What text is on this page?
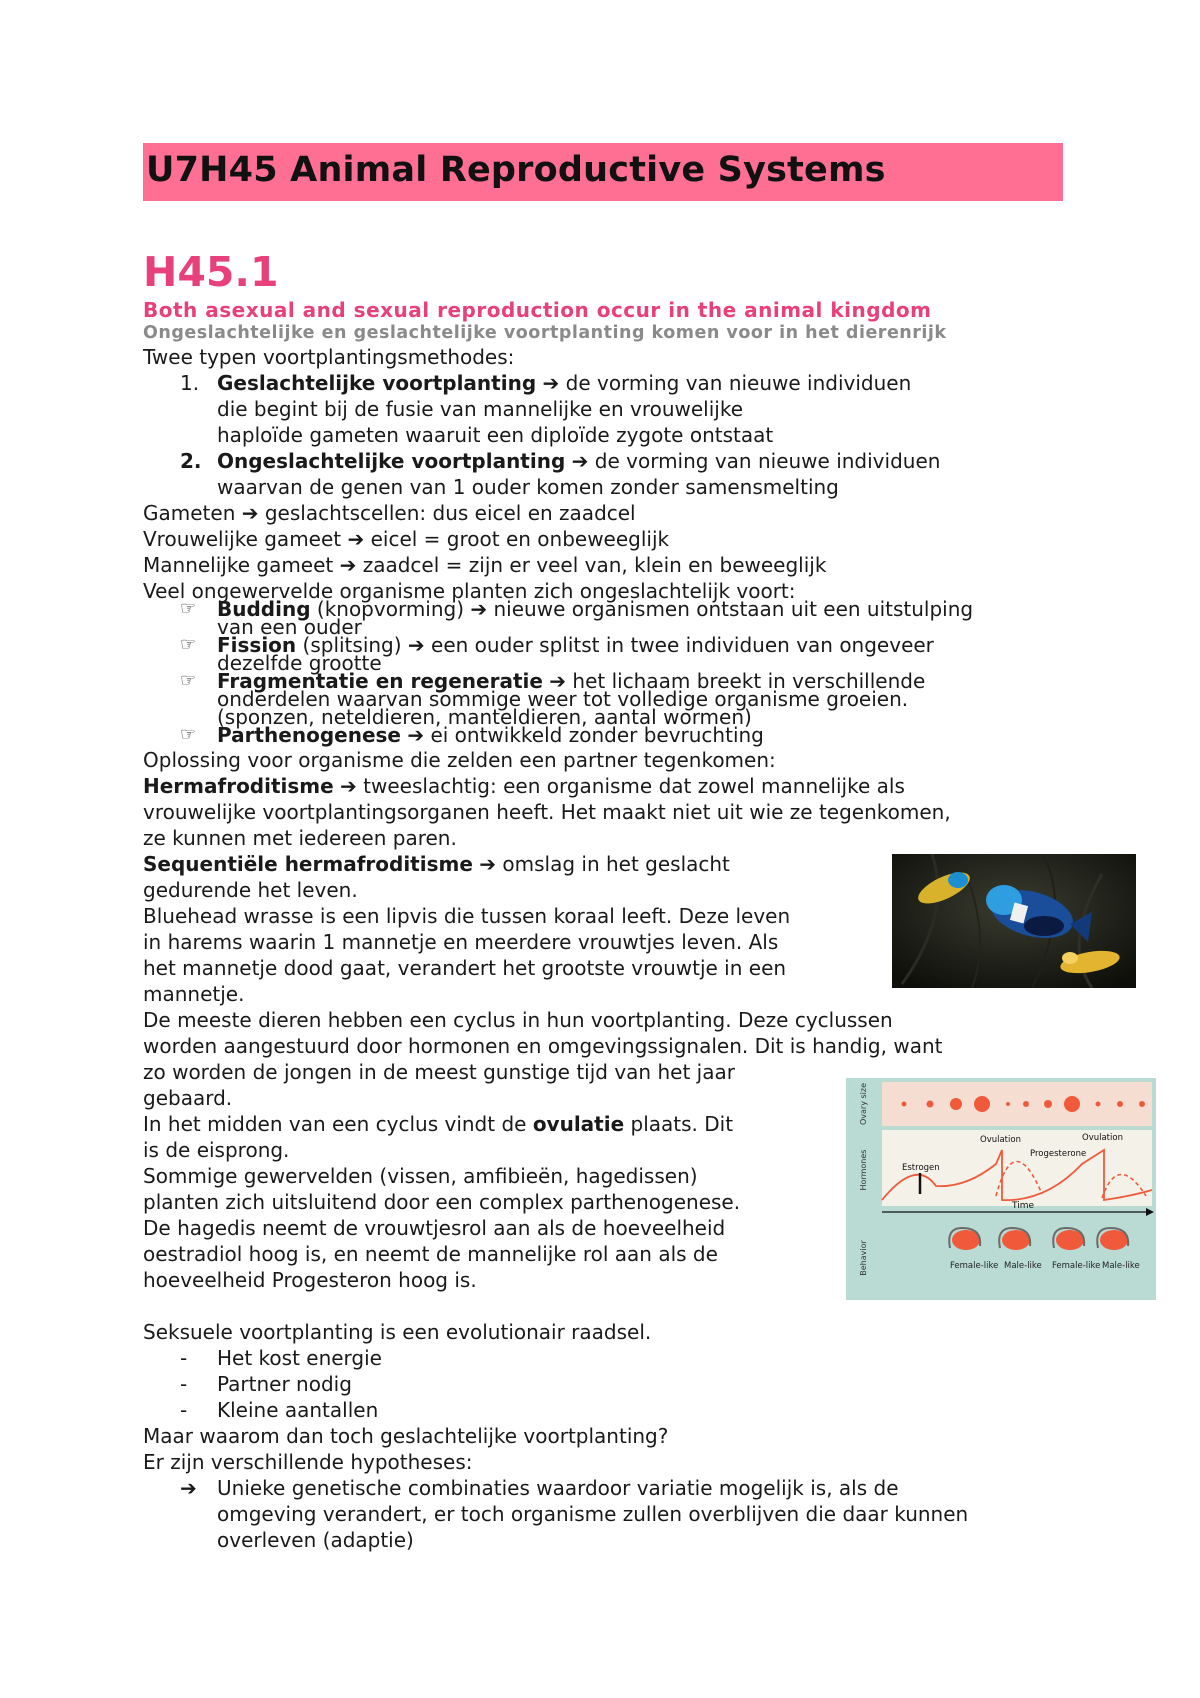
U7H45 Animal Reproductive Systems
H45.1
Both asexual and sexual reproduction occur in the animal kingdom
Ongeslachtelijke en geslachtelijke voortplanting komen voor in het dierenrijk
Twee typen voortplantingsmethodes:
1. Geslachtelijke voortplanting ➔ de vorming van nieuwe individuen
die begint bij de fusie van mannelijke en vrouwelijke
haploïde gameten waaruit een diploïde zygote ontstaat
2. Ongeslachtelijke voortplanting ➔ de vorming van nieuwe individuen
waarvan de genen van 1 ouder komen zonder samensmelting
Gameten ➔ geslachtscellen: dus eicel en zaadcel
Vrouwelijke gameet ➔ eicel = groot en onbeweeglijk
Mannelijke gameet ➔ zaadcel = zijn er veel van, klein en beweeglijk
Veel ongewervelde organisme planten zich ongeslachtelijk voort:
☞ Budding (knopvorming) ➔ nieuwe organismen ontstaan uit een uitstulping
van een ouder
☞ Fission (splitsing) ➔ een ouder splitst in twee individuen van ongeveer
dezelfde grootte
☞ Fragmentatie en regeneratie ➔ het lichaam breekt in verschillende
onderdelen waarvan sommige weer tot volledige organisme groeien.
(sponzen, neteldieren, manteldieren, aantal wormen)
☞ Parthenogenese ➔ ei ontwikkeld zonder bevruchting
Oplossing voor organisme die zelden een partner tegenkomen:
Hermafroditisme ➔ tweeslachtig: een organisme dat zowel mannelijke als
vrouwelijke voortplantingsorganen heeft. Het maakt niet uit wie ze tegenkomen,
ze kunnen met iedereen paren.
Sequentiële hermafroditisme ➔ omslag in het geslacht
gedurende het leven.
Bluehead wrasse is een lipvis die tussen koraal leeft. Deze leven
in harems waarin 1 mannetje en meerdere vrouwtjes leven. Als
het mannetje dood gaat, verandert het grootste vrouwtje in een
mannetje.
De meeste dieren hebben een cyclus in hun voortplanting. Deze cyclussen
worden aangestuurd door hormonen en omgevingssignalen. Dit is handig, want
zo worden de jongen in de meest gunstige tijd van het jaar
gebaard.
In het midden van een cyclus vindt de ovulatie plaats. Dit
is de eisprong.
Sommige gewervelden (vissen, amfibieën, hagedissen)
planten zich uitsluitend door een complex parthenogenese.
De hagedis neemt de vrouwtjesrol aan als de hoeveelheid
oestradiol hoog is, en neemt de mannelijke rol aan als de
hoeveelheid Progesteron hoog is.
Ovary size
Hormones
Behavior
Estrogen
Ovulation	Ovulation
Progesterone
Time
Female-like Male-like Female-like Male-like
Seksuele voortplanting is een evolutionair raadsel.
- Het kost energie
- Partner nodig
- Kleine aantallen
Maar waarom dan toch geslachtelijke voortplanting?
Er zijn verschillende hypotheses:
➔ Unieke genetische combinaties waardoor variatie mogelijk is, als de
omgeving verandert, er toch organisme zullen overblijven die daar kunnen
overleven (adaptie)
